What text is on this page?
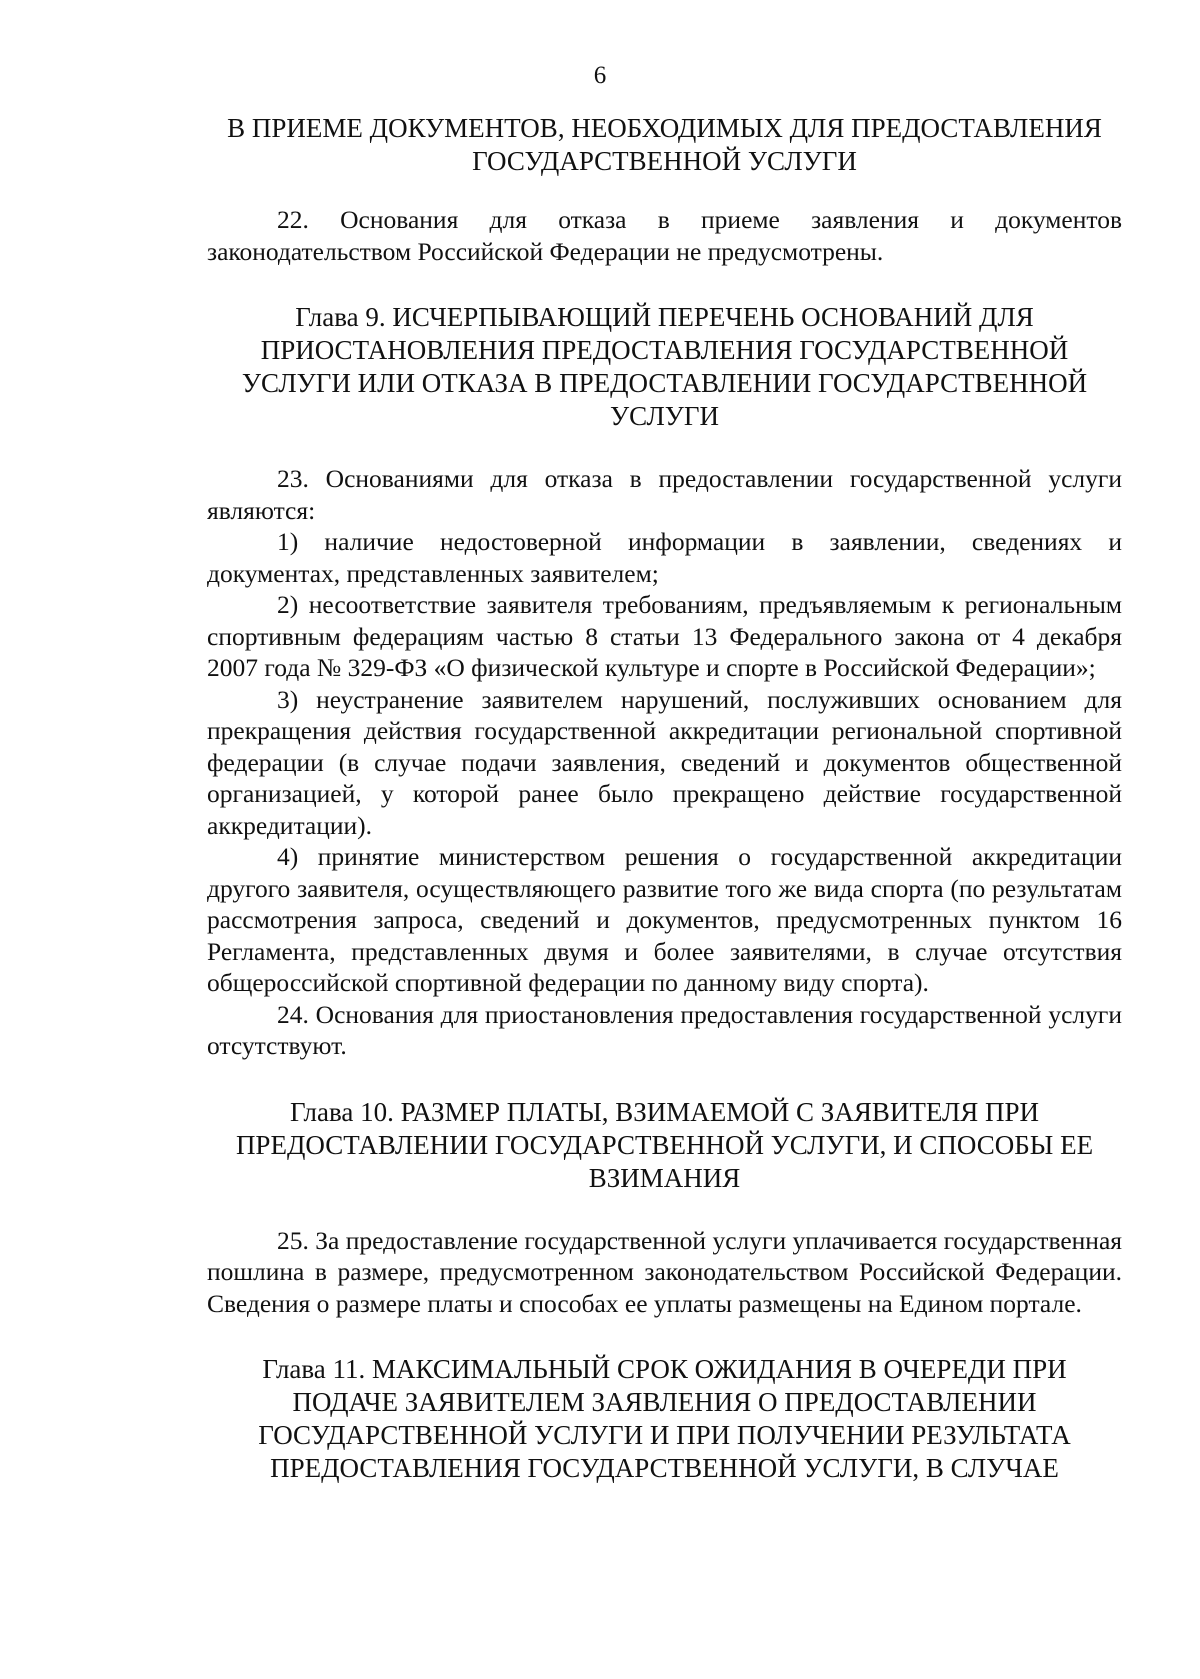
6
В ПРИЕМЕ ДОКУМЕНТОВ, НЕОБХОДИМЫХ ДЛЯ ПРЕДОСТАВЛЕНИЯ
ГОСУДАРСТВЕННОЙ УСЛУГИ

22. Основания для отказа в приеме заявления и документов законодательством Российской Федерации не предусмотрены.

Глава 9. ИСЧЕРПЫВАЮЩИЙ ПЕРЕЧЕНЬ ОСНОВАНИЙ ДЛЯ
ПРИОСТАНОВЛЕНИЯ ПРЕДОСТАВЛЕНИЯ ГОСУДАРСТВЕННОЙ
УСЛУГИ ИЛИ ОТКАЗА В ПРЕДОСТАВЛЕНИИ ГОСУДАРСТВЕННОЙ
УСЛУГИ

23. Основаниями для отказа в предоставлении государственной услуги являются:

1) наличие недостоверной информации в заявлении, сведениях и документах, представленных заявителем;

2) несоответствие заявителя требованиям, предъявляемым к региональным спортивным федерациям частью 8 статьи 13 Федерального закона от 4 декабря 2007 года № 329-ФЗ «О физической культуре и спорте в Российской Федерации»;

3) неустранение заявителем нарушений, послуживших основанием для прекращения действия государственной аккредитации региональной спортивной федерации (в случае подачи заявления, сведений и документов общественной организацией, у которой ранее было прекращено действие государственной аккредитации).

4) принятие министерством решения о государственной аккредитации другого заявителя, осуществляющего развитие того же вида спорта (по результатам рассмотрения запроса, сведений и документов, предусмотренных пунктом 16 Регламента, представленных двумя и более заявителями, в случае отсутствия общероссийской спортивной федерации по данному виду спорта).

24. Основания для приостановления предоставления государственной услуги отсутствуют.

Глава 10. РАЗМЕР ПЛАТЫ, ВЗИМАЕМОЙ С ЗАЯВИТЕЛЯ ПРИ
ПРЕДОСТАВЛЕНИИ ГОСУДАРСТВЕННОЙ УСЛУГИ, И СПОСОБЫ ЕЕ
ВЗИМАНИЯ

25. За предоставление государственной услуги уплачивается государственная пошлина в размере, предусмотренном законодательством Российской Федерации. Сведения о размере платы и способах ее уплаты размещены на Едином портале.

Глава 11. МАКСИМАЛЬНЫЙ СРОК ОЖИДАНИЯ В ОЧЕРЕДИ ПРИ
ПОДАЧЕ ЗАЯВИТЕЛЕМ ЗАЯВЛЕНИЯ О ПРЕДОСТАВЛЕНИИ
ГОСУДАРСТВЕННОЙ УСЛУГИ И ПРИ ПОЛУЧЕНИИ РЕЗУЛЬТАТА
ПРЕДОСТАВЛЕНИЯ ГОСУДАРСТВЕННОЙ УСЛУГИ, В СЛУЧАЕ
